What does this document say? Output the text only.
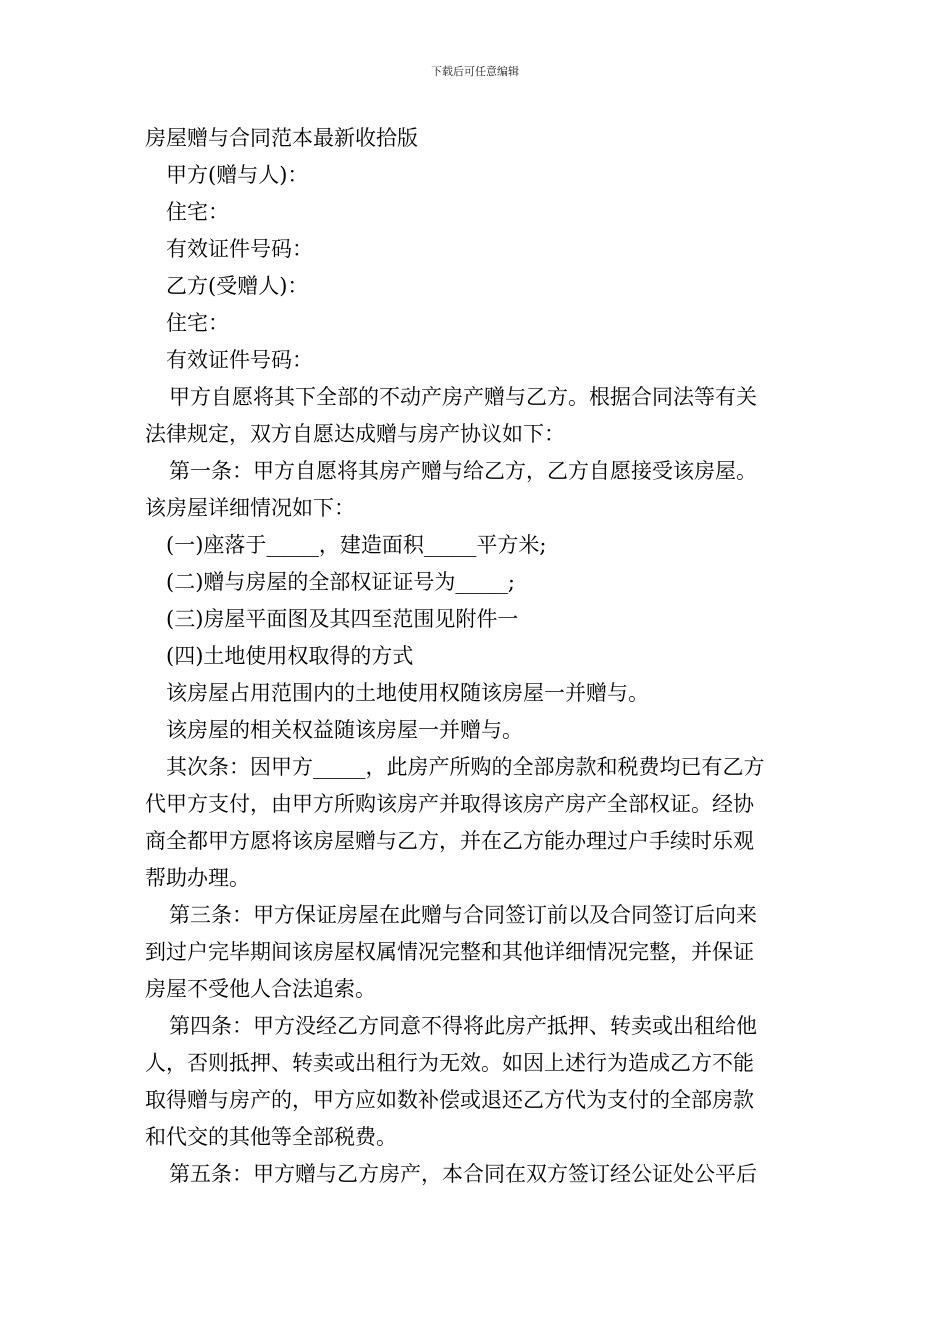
下载后可任意编辑
房屋赠与合同范本最新收拾版
甲方(赠与人)：
住宅：
有效证件号码：
乙方(受赠人)：
住宅：
有效证件号码：
甲方自愿将其下全部的不动产房产赠与乙方。根据合同法等有关
法律规定，双方自愿达成赠与房产协议如下：
第一条：甲方自愿将其房产赠与给乙方，乙方自愿接受该房屋。
该房屋详细情况如下：
(一)座落于_____，建造面积_____平方米;
(二)赠与房屋的全部权证证号为_____;
(三)房屋平面图及其四至范围见附件一
(四)土地使用权取得的方式
该房屋占用范围内的土地使用权随该房屋一并赠与。
该房屋的相关权益随该房屋一并赠与。
其次条：因甲方_____，此房产所购的全部房款和税费均已有乙方
代甲方支付，由甲方所购该房产并取得该房产房产全部权证。经协
商全都甲方愿将该房屋赠与乙方，并在乙方能办理过户手续时乐观
帮助办理。
第三条：甲方保证房屋在此赠与合同签订前以及合同签订后向来
到过户完毕期间该房屋权属情况完整和其他详细情况完整，并保证
房屋不受他人合法追索。
第四条：甲方没经乙方同意不得将此房产抵押、转卖或出租给他
人，否则抵押、转卖或出租行为无效。如因上述行为造成乙方不能
取得赠与房产的，甲方应如数补偿或退还乙方代为支付的全部房款
和代交的其他等全部税费。
第五条：甲方赠与乙方房产，本合同在双方签订经公证处公平后
